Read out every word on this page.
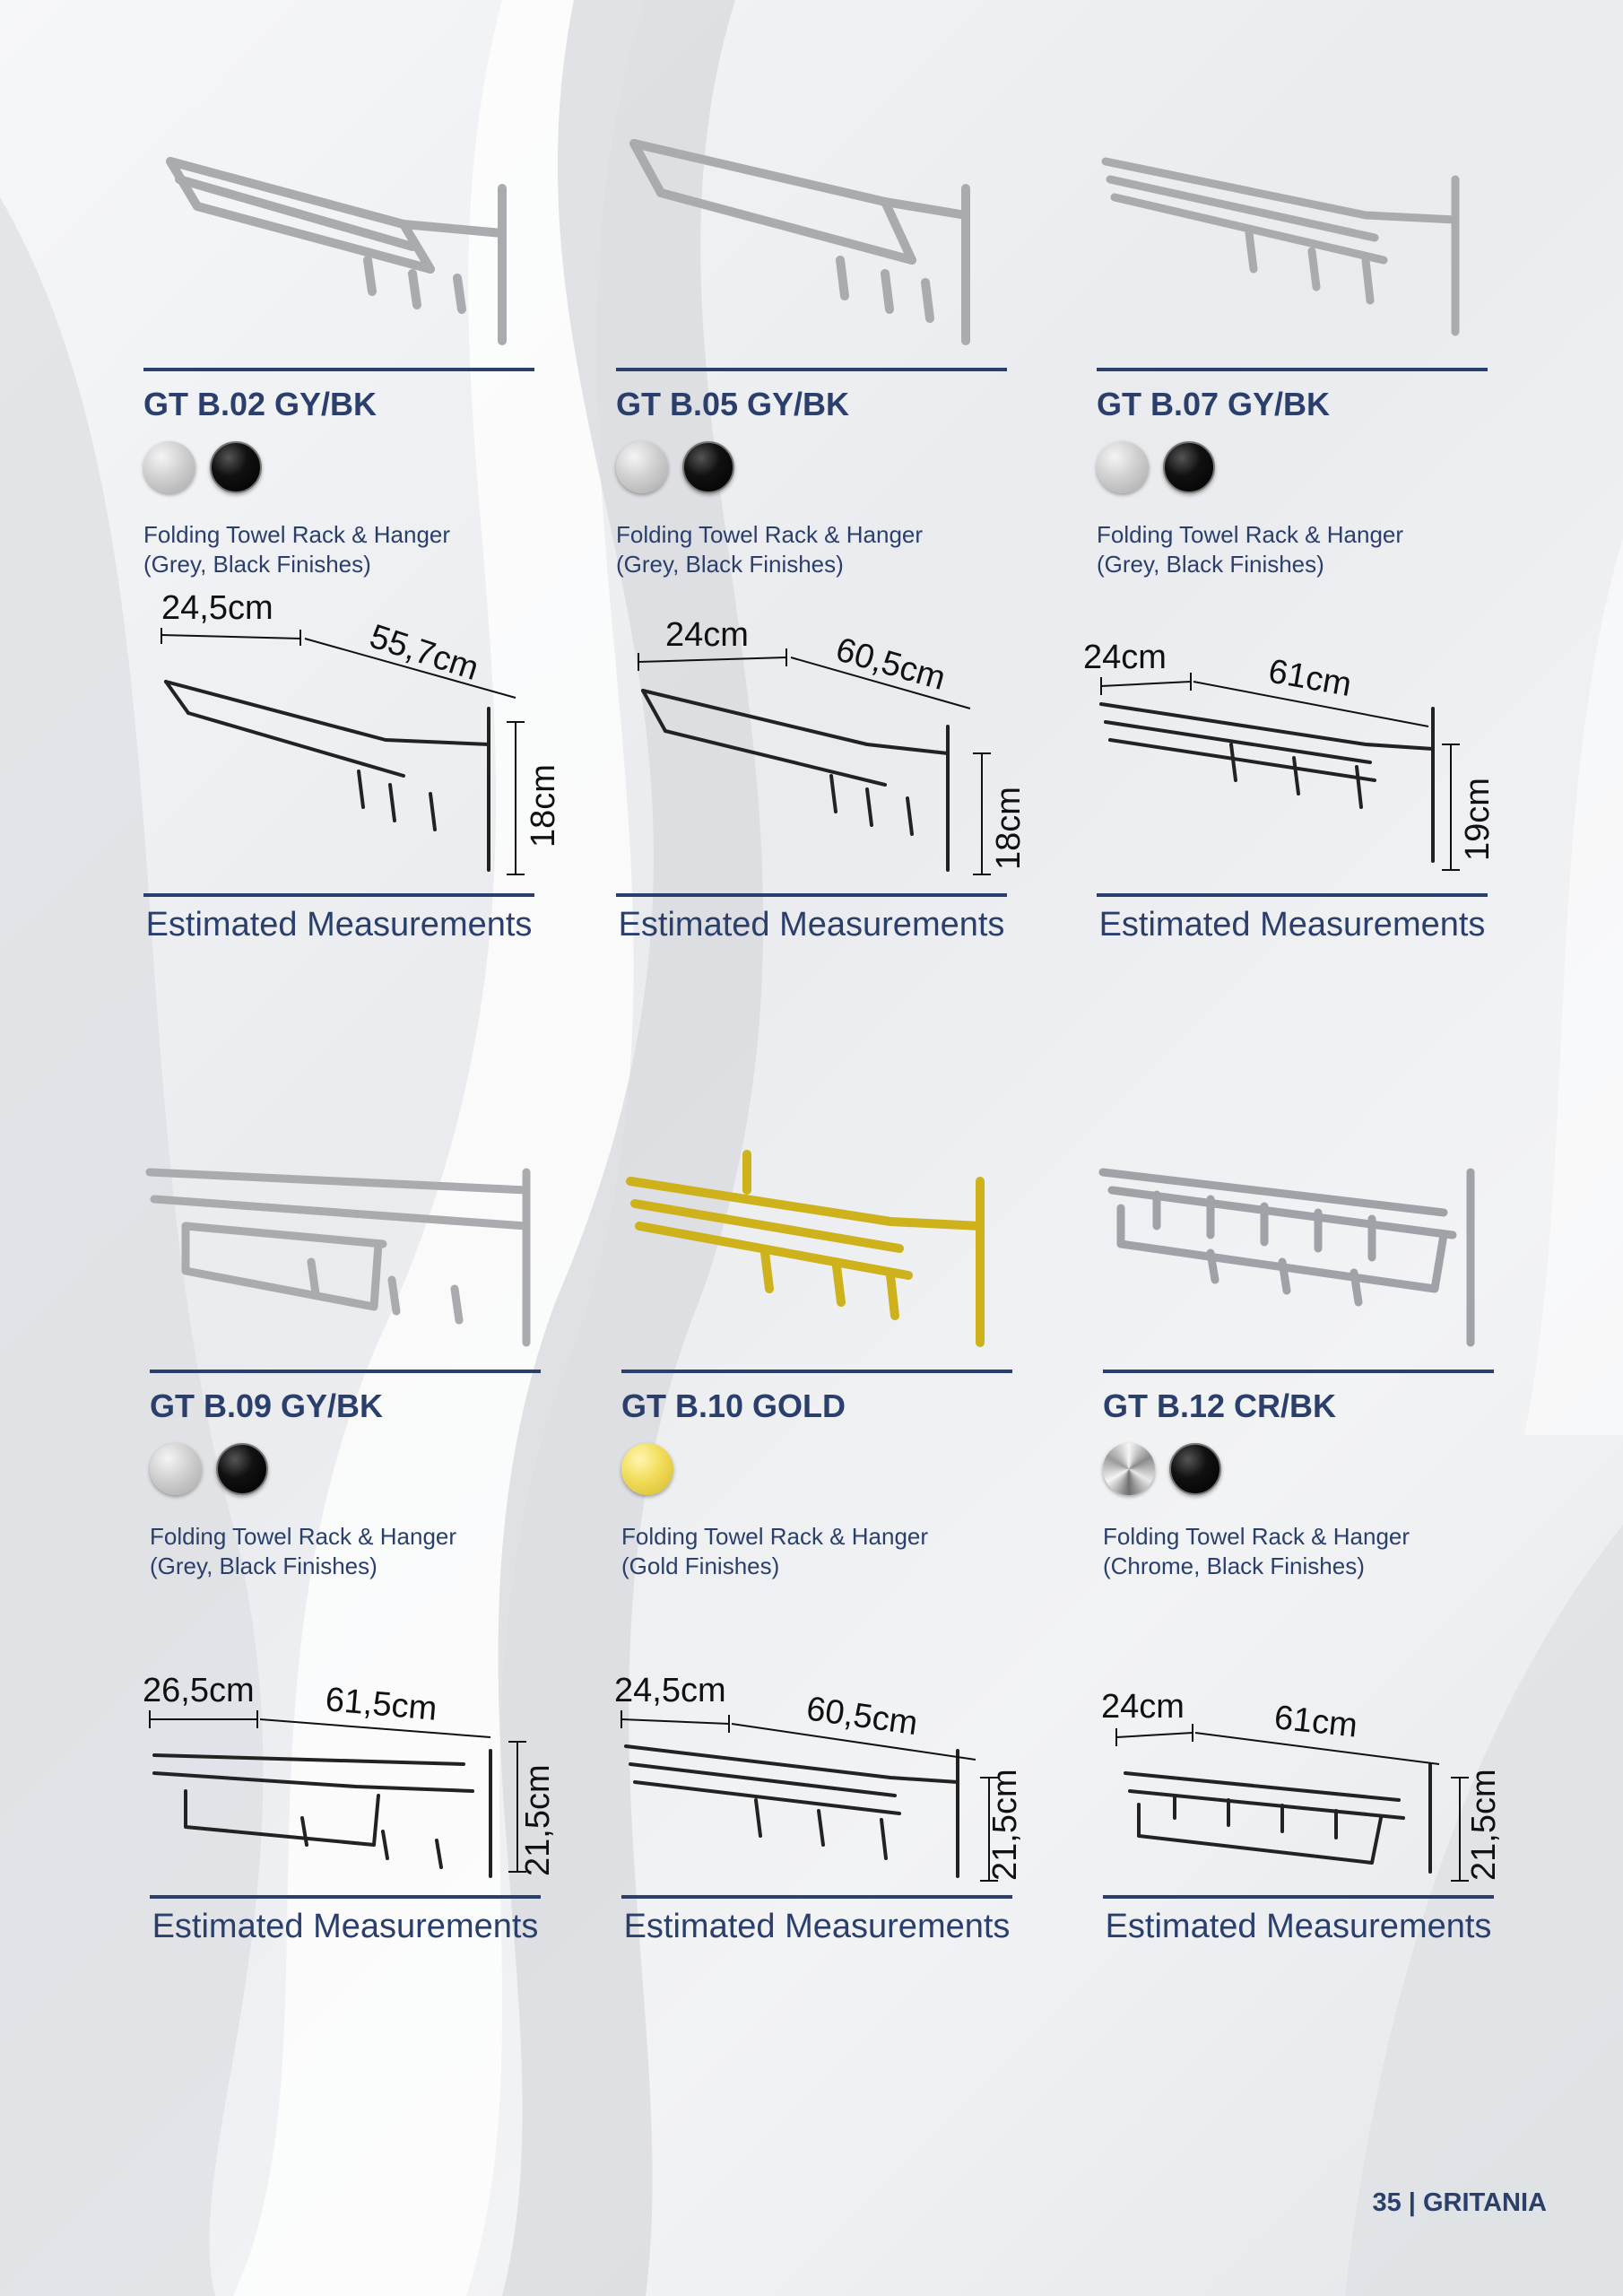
GT B.02 GY/BK
Folding Towel Rack & Hanger
(Grey, Black Finishes)
24,5cm
55,7cm
18cm
Estimated Measurements
GT B.05 GY/BK
Folding Towel Rack & Hanger
(Grey, Black Finishes)
24cm 60,5cm
18cm
Estimated Measurements
GT B.07 GY/BK
Folding Towel Rack & Hanger
(Grey, Black Finishes)
24cm	61cm
19cm
Estimated Measurements
GT B.09 GY/BK
Folding Towel Rack & Hanger
(Grey, Black Finishes)
26,5cm 61,5cm
21,5cm
Estimated Measurements
GT B.10 GOLD
Folding Towel Rack & Hanger
(Gold Finishes)
24,5cm 60,5cm
21,5cm
Estimated Measurements
GT B.12 CR/BK
Folding Towel Rack & Hanger
(Chrome, Black Finishes)
24cm	61cm
21,5cm
Estimated Measurements
35 | GRITANIA
